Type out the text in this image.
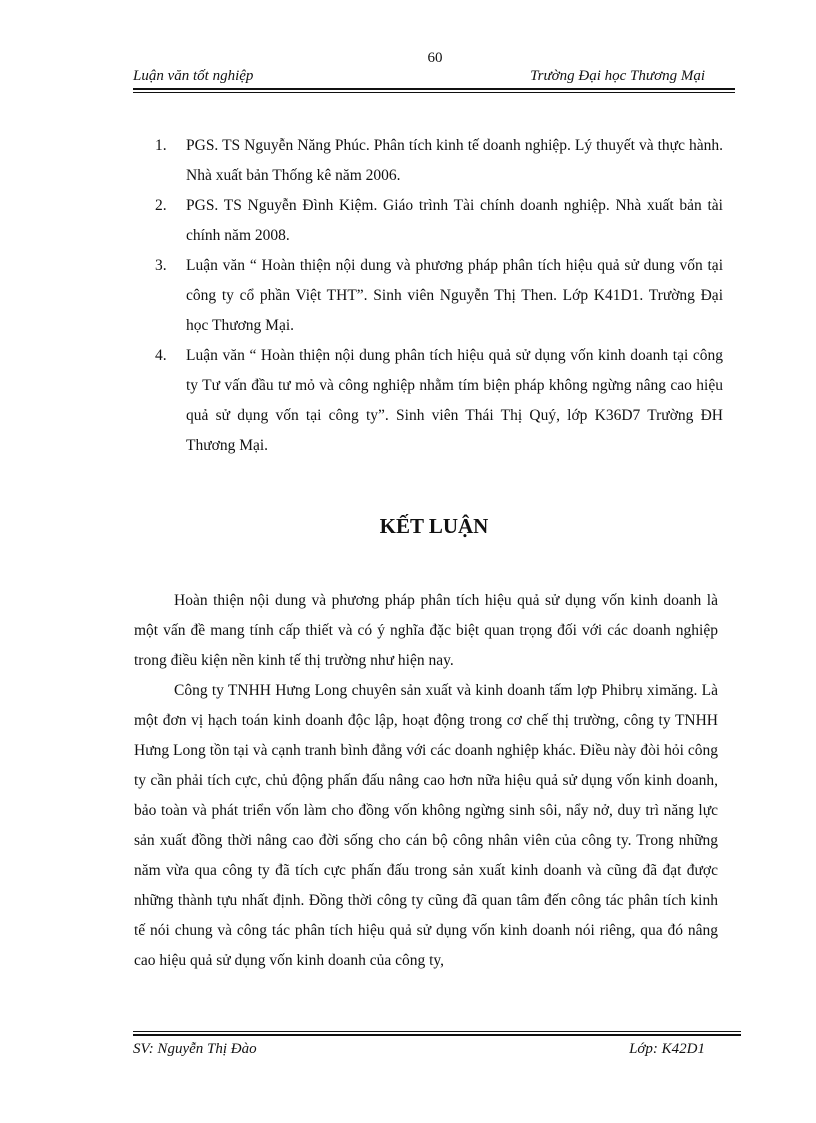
60
Luận văn tốt nghiệp	Trường Đại học Thương Mại
1. PGS. TS Nguyễn Năng Phúc. Phân tích kinh tế doanh nghiệp. Lý thuyết và thực hành. Nhà xuất bản Thống kê năm 2006.
2. PGS. TS Nguyễn Đình Kiệm. Giáo trình Tài chính doanh nghiệp. Nhà xuất bản tài chính năm 2008.
3. Luận văn “ Hoàn thiện nội dung và phương pháp phân tích hiệu quả sử dung vốn tại công ty cổ phần Việt THT”. Sinh viên Nguyễn Thị Then. Lớp K41D1. Trường Đại học Thương Mại.
4. Luận văn “ Hoàn thiện nội dung phân tích hiệu quả sử dụng vốn kinh doanh tại công ty Tư vấn đầu tư mỏ và công nghiệp nhằm tím biện pháp không ngừng nâng cao hiệu quả sử dụng vốn tại công ty”. Sinh viên Thái Thị Quý, lớp K36D7 Trường ĐH Thương Mại.
KẾT LUẬN

Hoàn thiện nội dung và phương pháp phân tích hiệu quả sử dụng vốn kinh doanh là một vấn đề mang tính cấp thiết và có ý nghĩa đặc biệt quan trọng đối với các doanh nghiệp trong điều kiện nền kinh tế thị trường như hiện nay.

Công ty TNHH Hưng Long chuyên sản xuất và kinh doanh tấm lợp Phibrụ ximăng. Là một đơn vị hạch toán kinh doanh độc lập, hoạt động trong cơ chế thị trường, công ty TNHH Hưng Long tồn tại và cạnh tranh bình đẳng với các doanh nghiệp khác. Điều này đòi hỏi công ty cần phải tích cực, chủ động phấn đấu nâng cao hơn nữa hiệu quả sử dụng vốn kinh doanh, bảo toàn và phát triển vốn làm cho đồng vốn không ngừng sinh sôi, nẩy nở, duy trì năng lực sản xuất đồng thời nâng cao đời sống cho cán bộ công nhân viên của công ty. Trong những năm vừa qua công ty đã tích cực phấn đấu trong sản xuất kinh doanh và cũng đã đạt được những thành tựu nhất định. Đồng thời công ty cũng đã quan tâm đến công tác phân tích kinh tế nói chung và công tác phân tích hiệu quả sử dụng vốn kinh doanh nói riêng, qua đó nâng cao hiệu quả sử dụng vốn kinh doanh của công ty,

SV: Nguyễn Thị Đào	Lớp: K42D1
